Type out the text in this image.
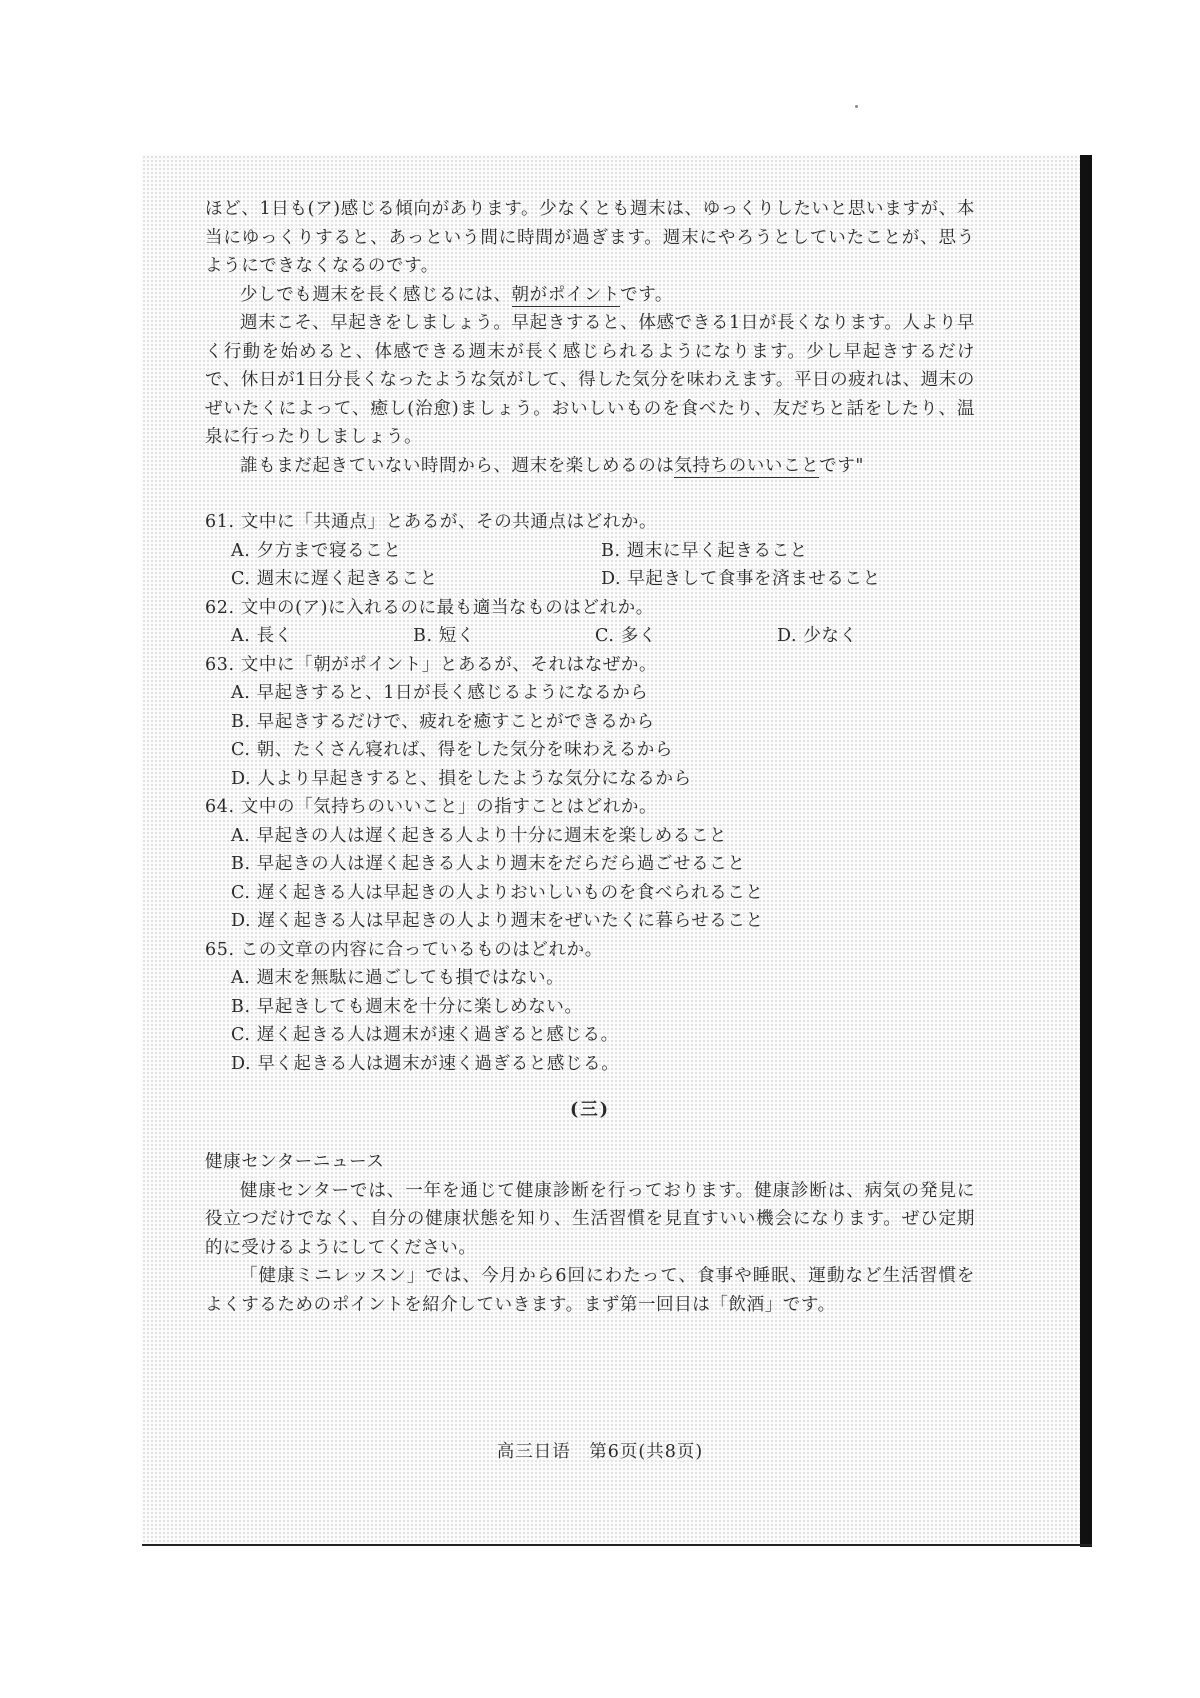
ほど、1日も(ア)感じる傾向があります。少なくとも週末は、ゆっくりしたいと思いますが、本当にゆっくりすると、あっという間に時間が過ぎます。週末にやろうとしていたことが、思うようにできなくなるのです。

少しでも週末を長く感じるには、朝がポイントです。

週末こそ、早起きをしましょう。早起きすると、体感できる1日が長くなります。人より早く行動を始めると、体感できる週末が長く感じられるようになります。少し早起きするだけで、休日が1日分長くなったような気がして、得した気分を味わえます。平日の疲れは、週末のぜいたくによって、癒し(治愈)ましょう。おいしいものを食べたり、友だちと話をしたり、温泉に行ったりしましょう。

誰もまだ起きていない時間から、週末を楽しめるのは気持ちのいいことです"

61. 文中に「共通点」とあるが、その共通点はどれか。

A. 夕方まで寝ること	B. 週末に早く起きること
C. 週末に遅く起きること	D. 早起きして食事を済ませること

62. 文中の(ア)に入れるのに最も適当なものはどれか。

A. 長く	B. 短く	C. 多く	D. 少なく

63. 文中に「朝がポイント」とあるが、それはなぜか。

A. 早起きすると、1日が長く感じるようになるから

B. 早起きするだけで、疲れを癒すことができるから

C. 朝、たくさん寝れば、得をした気分を味わえるから

D. 人より早起きすると、損をしたような気分になるから

64. 文中の「気持ちのいいこと」の指すことはどれか。

A. 早起きの人は遅く起きる人より十分に週末を楽しめること

B. 早起きの人は遅く起きる人より週末をだらだら過ごせること

C. 遅く起きる人は早起きの人よりおいしいものを食べられること

D. 遅く起きる人は早起きの人より週末をぜいたくに暮らせること

65. この文章の内容に合っているものはどれか。

A. 週末を無駄に過ごしても損ではない。

B. 早起きしても週末を十分に楽しめない。

C. 遅く起きる人は週末が速く過ぎると感じる。

D. 早く起きる人は週末が速く過ぎると感じる。

(三)

健康センターニュース

健康センターでは、一年を通じて健康診断を行っております。健康診断は、病気の発見に役立つだけでなく、自分の健康状態を知り、生活習慣を見直すいい機会になります。ぜひ定期的に受けるようにしてください。

「健康ミニレッスン」では、今月から6回にわたって、食事や睡眠、運動など生活習慣をよくするためのポイントを紹介していきます。まず第一回目は「飲酒」です。

高三日语　第6页(共8页)
